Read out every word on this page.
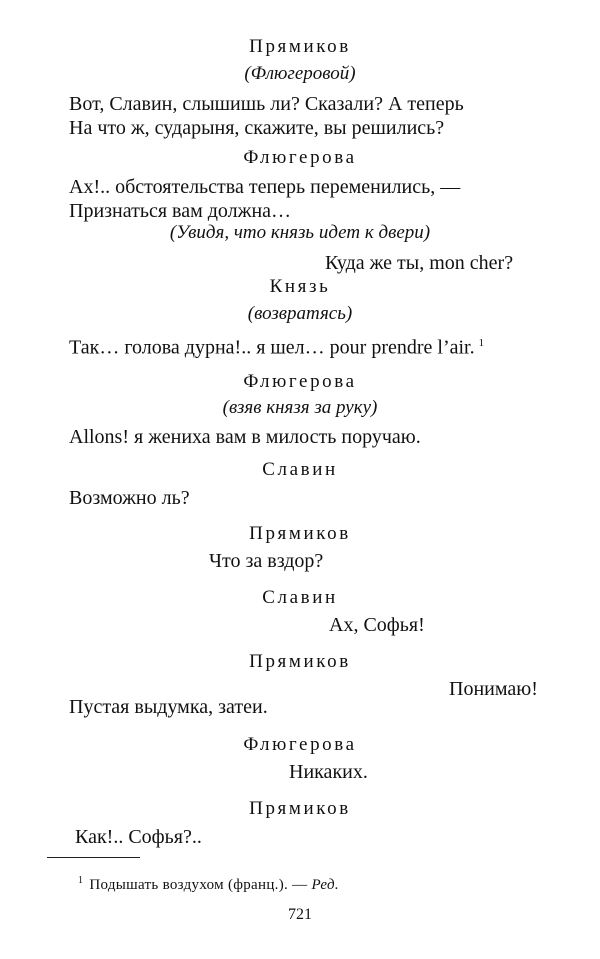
Прямиков
(Флюгеровой)
Вот, Славин, слышишь ли? Сказали? А теперь
На что ж, сударыня, скажите, вы решились?
Флюгерова
Ах!.. обстоятельства теперь переменились, —
Признаться вам должна…
(Увидя, что князь идет к двери)
Куда же ты, mon cher?
Князь
(возвратясь)
Так… голова дурна!.. я шел… pour prendre l’air. $^1$
Флюгерова
(взяв князя за руку)
Allons! я жениха вам в милость поручаю.
Славин
Возможно ль?
Прямиков
Что за вздор?
Славин
Ах, Софья!
Прямиков
Понимаю!
Пустая выдумка, затеи.
Флюгерова
Никаких.
Прямиков
Как!.. Софья?..
$^1$ Подышать воздухом (франц.). — Ред.
721
